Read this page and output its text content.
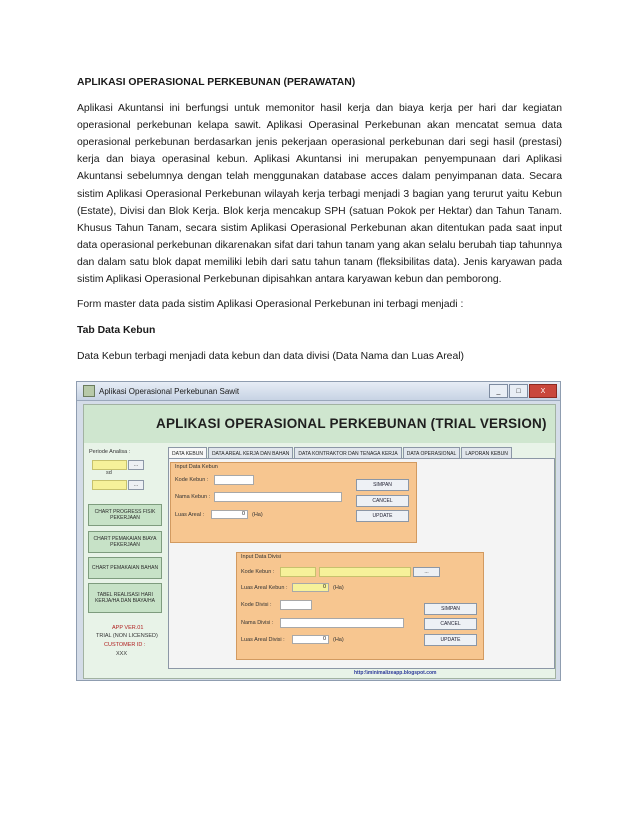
APLIKASI OPERASIONAL PERKEBUNAN (PERAWATAN)
Aplikasi Akuntansi ini berfungsi untuk memonitor hasil kerja dan biaya kerja per hari dar kegiatan operasional perkebunan kelapa sawit. Aplikasi Operasinal Perkebunan akan mencatat semua data operasional perkebunan berdasarkan jenis pekerjaan operasional perkebunan dari segi hasil (prestasi) kerja dan biaya operasinal kebun. Aplikasi Akuntansi ini merupakan penyempunaan dari Aplikasi Akuntansi sebelumnya dengan telah menggunakan database acces dalam penyimpanan data. Secara sistim Aplikasi Operasional Perkebunan wilayah kerja terbagi menjadi 3 bagian yang terurut yaitu Kebun (Estate), Divisi dan Blok Kerja. Blok kerja mencakup SPH (satuan Pokok per Hektar) dan Tahun Tanam. Khusus Tahun Tanam, secara sistim Aplikasi Operasional Perkebunan akan ditentukan pada saat input data operasional perkebunan dikarenakan sifat dari tahun tanam yang akan selalu berubah tiap tahunnya dan dalam satu blok dapat memiliki lebih dari satu tahun tanam (fleksibilitas data). Jenis karyawan pada sistim Aplikasi Operasional Perkebunan dipisahkan antara karyawan kebun dan pemborong.
Form master data pada sistim Aplikasi Operasional Perkebunan ini terbagi menjadi :
Tab Data Kebun
Data Kebun terbagi menjadi data kebun dan data divisi (Data Nama dan Luas Areal)
Aplikasi Operasional Perkebunan Sawit	_	□	X
APLIKASI OPERASIONAL PERKEBUNAN (TRIAL VERSION)
Periode Analisa :
...
sd
...
CHART PROGRESS FISIK PEKERJAAN
CHART PEMAKAIAN BIAYA PEKERJAAN
CHART PEMAKAIAN BAHAN
TABEL REALISASI HARI KERJA/HA DAN BIAYA/HA
APP VER.01
TRIAL (NON LICENSED)
CUSTOMER ID :
XXX
DATA KEBUN	DATA AREAL KERJA DAN BAHAN	DATA KONTRAKTOR DAN TENAGA KERJA	DATA OPERASIONAL	LAPORAN KEBUN
Input Data Kebun
Kode Kebun :
Nama Kebun :
Luas Areal :	0	(Ha)
SIMPAN
CANCEL
UPDATE
Input Data Divisi
Kode Kebun :	...
Luas Areal Kebun :	0	(Ha)
Kode Divisi :
Nama Divisi :
Luas Areal Divisi :	0	(Ha)
SIMPAN
CANCEL
UPDATE
http:\\minimalizeapp.blogspot.com
